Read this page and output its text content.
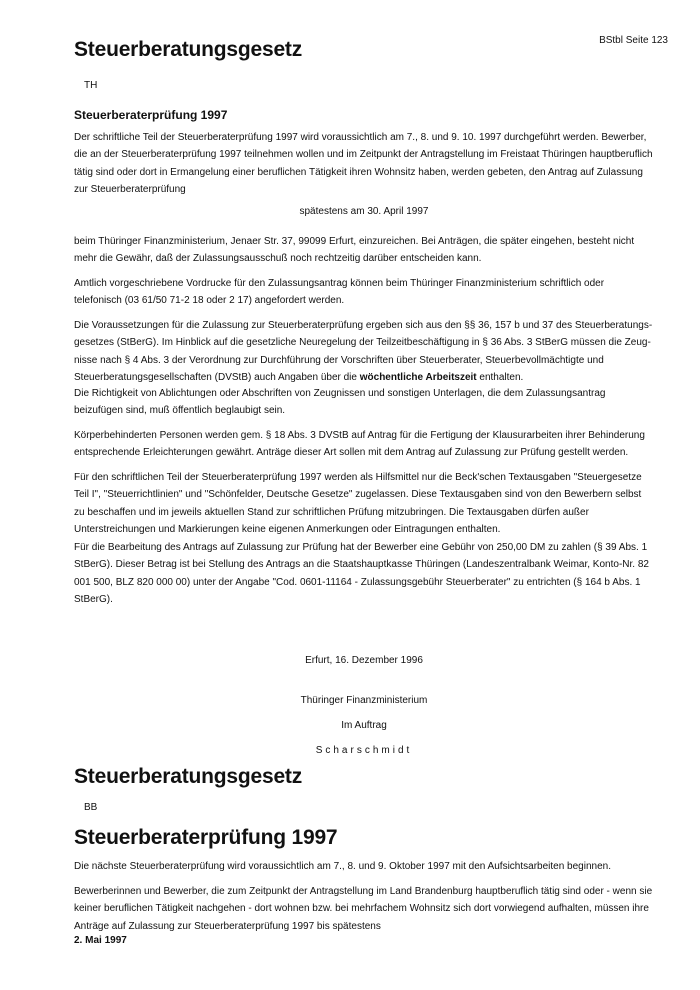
BStbl Seite 123
Steuerberatungsgesetz
TH
Steuerberaterprüfung 1997

Der schriftliche Teil der Steuerberaterprüfung 1997 wird voraussichtlich am 7., 8. und 9. 10. 1997 durchgeführt werden. Bewerber, die an der Steuerberaterprüfung 1997 teilnehmen wollen und im Zeitpunkt der Antragstellung im Freistaat Thüringen hauptberuflich tätig sind oder dort in Ermangelung einer beruflichen Tätigkeit ihren Wohnsitz haben, werden gebeten, den Antrag auf Zulassung zur Steuerberaterprüfung

spätestens am 30. April 1997

beim Thüringer Finanzministerium, Jenaer Str. 37, 99099 Erfurt, einzureichen. Bei Anträgen, die später eingehen, besteht nicht mehr die Gewähr, daß der Zulassungsausschuß noch rechtzeitig darüber entscheiden kann.

Amtlich vorgeschriebene Vordrucke für den Zulassungsantrag können beim Thüringer Finanzministerium schriftlich oder telefonisch (03 61/50 71-2 18 oder 2 17) angefordert werden.

Die Voraussetzungen für die Zulassung zur Steuerberaterprüfung ergeben sich aus den §§ 36, 157 b und 37 des Steuerberatungsgesetzes (StBerG). Im Hinblick auf die gesetzliche Neuregelung der Teilzeitbeschäftigung in § 36 Abs. 3 StBerG müssen die Zeugnisse nach § 4 Abs. 3 der Verordnung zur Durchführung der Vorschriften über Steuerberater, Steuerbevollmächtigte und Steuerberatungsgesellschaften (DVStB) auch Angaben über die wöchentliche Arbeitszeit enthalten.

Die Richtigkeit von Ablichtungen oder Abschriften von Zeugnissen und sonstigen Unterlagen, die dem Zulassungsantrag beizufügen sind, muß öffentlich beglaubigt sein.

Körperbehinderten Personen werden gem. § 18 Abs. 3 DVStB auf Antrag für die Fertigung der Klausurarbeiten ihrer Behinderung entsprechende Erleichterungen gewährt. Anträge dieser Art sollen mit dem Antrag auf Zulassung zur Prüfung gestellt werden.

Für den schriftlichen Teil der Steuerberaterprüfung 1997 werden als Hilfsmittel nur die Beck'schen Textausgaben "Steuergesetze Teil I", "Steuerrichtlinien" und "Schönfelder, Deutsche Gesetze" zugelassen. Diese Textausgaben sind von den Bewerbern selbst zu beschaffen und im jeweils aktuellen Stand zur schriftlichen Prüfung mitzubringen. Die Textausgaben dürfen außer Unterstreichungen und Markierungen keine eigenen Anmerkungen oder Eintragungen enthalten.

Für die Bearbeitung des Antrags auf Zulassung zur Prüfung hat der Bewerber eine Gebühr von 250,00 DM zu zahlen (§ 39 Abs. 1 StBerG). Dieser Betrag ist bei Stellung des Antrags an die Staatshauptkasse Thüringen (Landeszentralbank Weimar, Konto-Nr. 82 001 500, BLZ 820 000 00) unter der Angabe "Cod. 0601-11164 - Zulassungsgebühr Steuerberater" zu entrichten (§ 164 b Abs. 1 StBerG).

Erfurt, 16. Dezember 1996

Thüringer Finanzministerium

Im Auftrag

Scharschmidt

Steuerberatungsgesetz
BB
Steuerberaterprüfung 1997

Die nächste Steuerberaterprüfung wird voraussichtlich am 7., 8. und 9. Oktober 1997 mit den Aufsichtsarbeiten beginnen.

Bewerberinnen und Bewerber, die zum Zeitpunkt der Antragstellung im Land Brandenburg hauptberuflich tätig sind oder - wenn sie keiner beruflichen Tätigkeit nachgehen - dort wohnen bzw. bei mehrfachem Wohnsitz sich dort vorwiegend aufhalten, müssen ihre Anträge auf Zulassung zur Steuerberaterprüfung 1997 bis spätestens

2. Mai 1997
